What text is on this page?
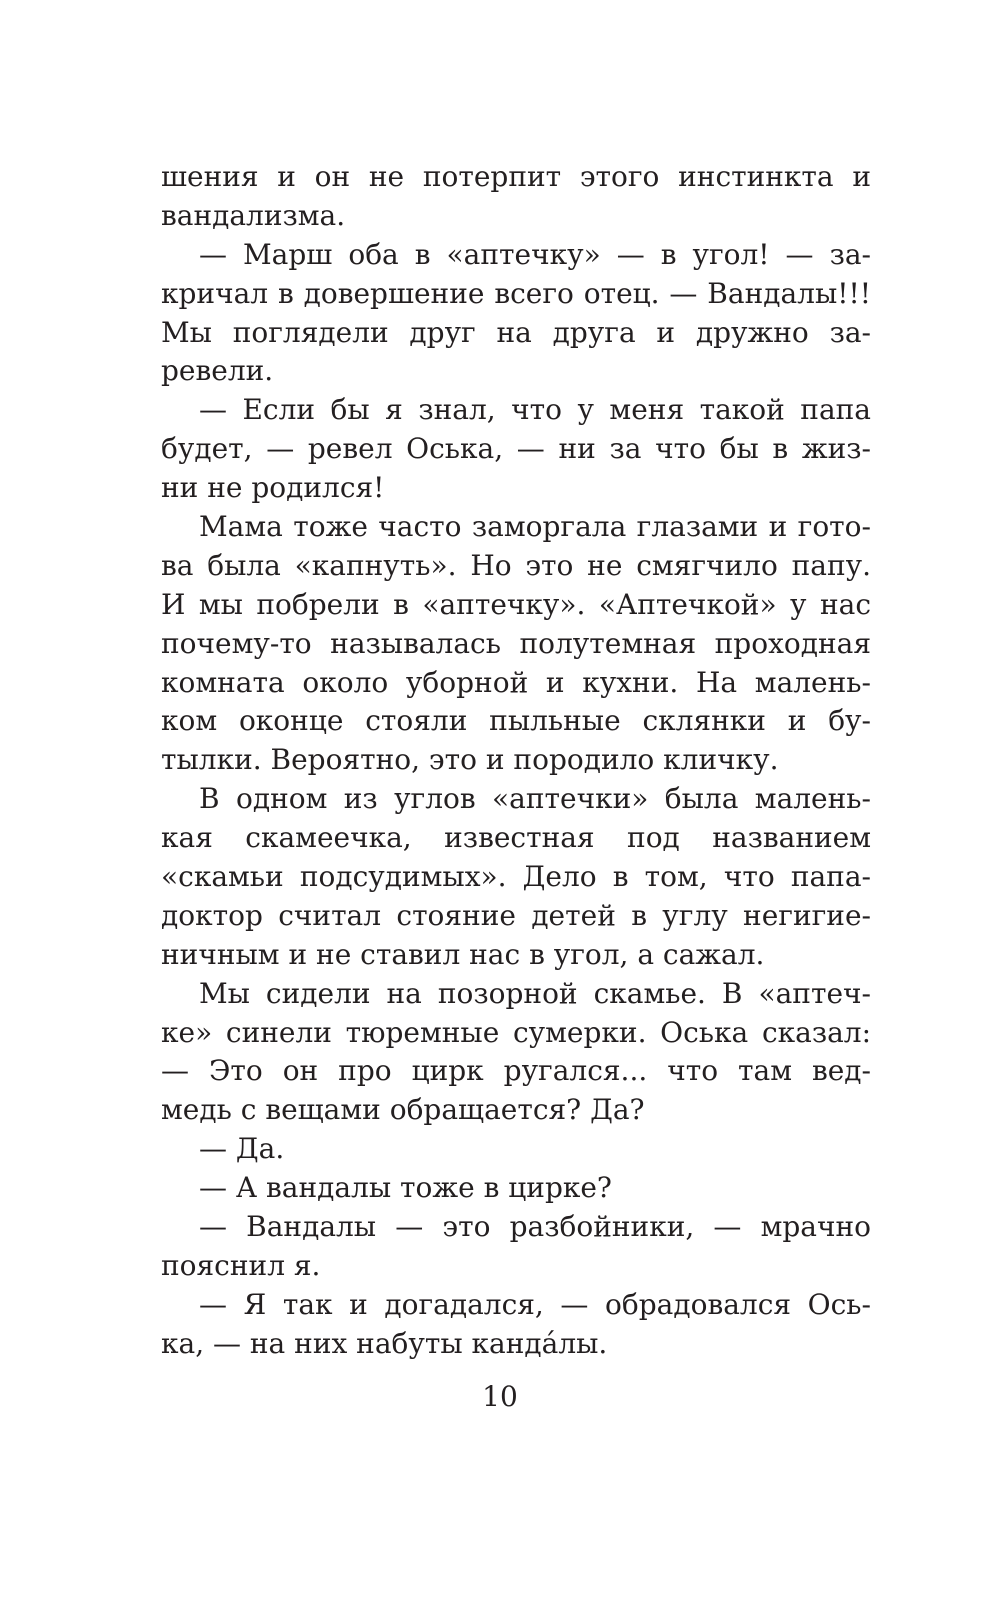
шения и он не потерпит этого инстинкта и
вандализма.
— Марш оба в «аптечку» — в угол! — за-
кричал в довершение всего отец. — Вандалы!!!
Мы поглядели друг на друга и дружно за-
ревели.
— Если бы я знал, что у меня такой папа
будет, — ревел Оська, — ни за что бы в жиз-
ни не родился!
Мама тоже часто заморгала глазами и гото-
ва была «капнуть». Но это не смягчило папу.
И мы побрели в «аптечку». «Аптечкой» у нас
почему-то называлась полутемная проходная
комната около уборной и кухни. На малень-
ком оконце стояли пыльные склянки и бу-
тылки. Вероятно, это и породило кличку.
В одном из углов «аптечки» была малень-
кая скамеечка, известная под названием
«скамьи подсудимых». Дело в том, что папа-
доктор считал стояние детей в углу негигие-
ничным и не ставил нас в угол, а сажал.
Мы сидели на позорной скамье. В «аптеч-
ке» синели тюремные сумерки. Оська сказал:
— Это он про цирк ругался... что там вед-
медь с вещами обращается? Да?
— Да.
— А вандалы тоже в цирке?
— Вандалы — это разбойники, — мрачно
пояснил я.
— Я так и догадался, — обрадовался Ось-
ка, — на них набуты канда́лы.
10
